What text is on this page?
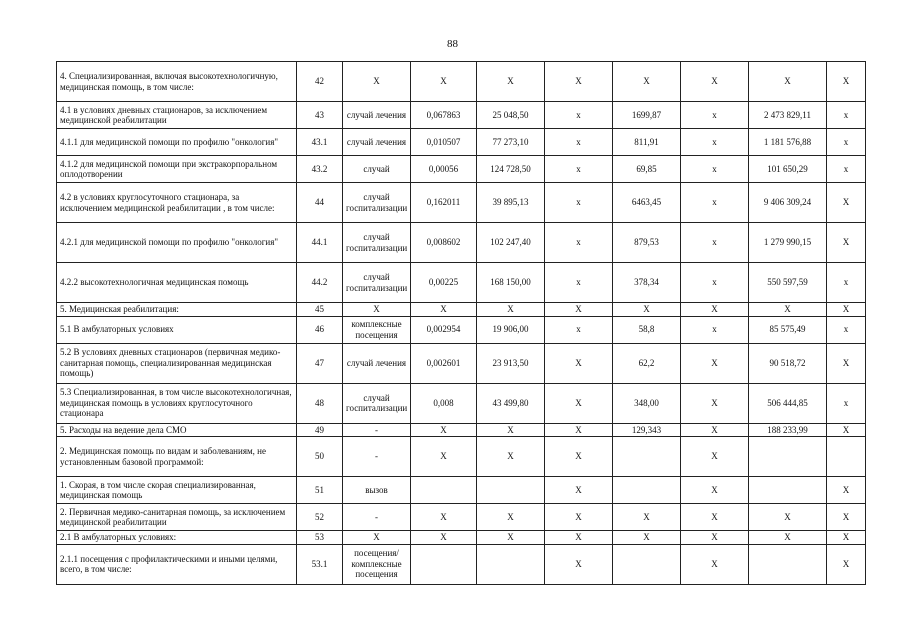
88
4. Специализированная, включая высокотехнологичную, медицинская помощь, в том числе:	42	X	X	X	X	X	X	X	X
4.1 в условиях дневных стационаров, за исключением медицинской реабилитации	43	случай лечения	0,067863	25 048,50	x	1699,87	x	2 473 829,11	x
4.1.1 для медицинской помощи по профилю "онкология"	43.1	случай лечения	0,010507	77 273,10	x	811,91	x	1 181 576,88	x
4.1.2 для медицинской помощи при экстракорпоральном оплодотворении	43.2	случай	0,00056	124 728,50	x	69,85	x	101 650,29	x
4.2 в условиях круглосуточного стационара, за исключением медицинской реабилитации , в том числе:	44	случай госпитализации	0,162011	39 895,13	x	6463,45	x	9 406 309,24	X
4.2.1 для медицинской помощи по профилю "онкология"	44.1	случай госпитализации	0,008602	102 247,40	x	879,53	x	1 279 990,15	X
4.2.2 высокотехнологичная медицинская помощь	44.2	случай госпитализации	0,00225	168 150,00	x	378,34	x	550 597,59	x
5. Медицинская реабилитация:	45	X	X	X	X	X	X	X	X
5.1 В амбулаторных условиях	46	комплексные посещения	0,002954	19 906,00	x	58,8	x	85 575,49	x
5.2 В условиях дневных стационаров (первичная медико-санитарная помощь, специализированная медицинская помощь)	47	случай лечения	0,002601	23 913,50	X	62,2	X	90 518,72	X
5.3 Специализированная, в том числе высокотехнологичная, медицинская помощь в условиях круглосуточного стационара	48	случай госпитализации	0,008	43 499,80	X	348,00	X	506 444,85	x
5. Расходы на ведение дела СМО	49	-	X	X	X	129,343	X	188 233,99	X
2. Медицинская помощь по видам и заболеваниям, не установленным базовой программой:	50	-	X	X	X		X		
1. Скорая, в том числе скорая специализированная, медицинская помощь	51	вызов			X		X		X
2. Первичная медико-санитарная помощь, за исключением медицинской реабилитации	52	-	X	X	X	X	X	X	X
2.1 В амбулаторных условиях:	53	X	X	X	X	X	X	X	X
2.1.1 посещения с профилактическими и иными целями, всего, в том числе:	53.1	посещения/комплексные посещения			X		X		X
